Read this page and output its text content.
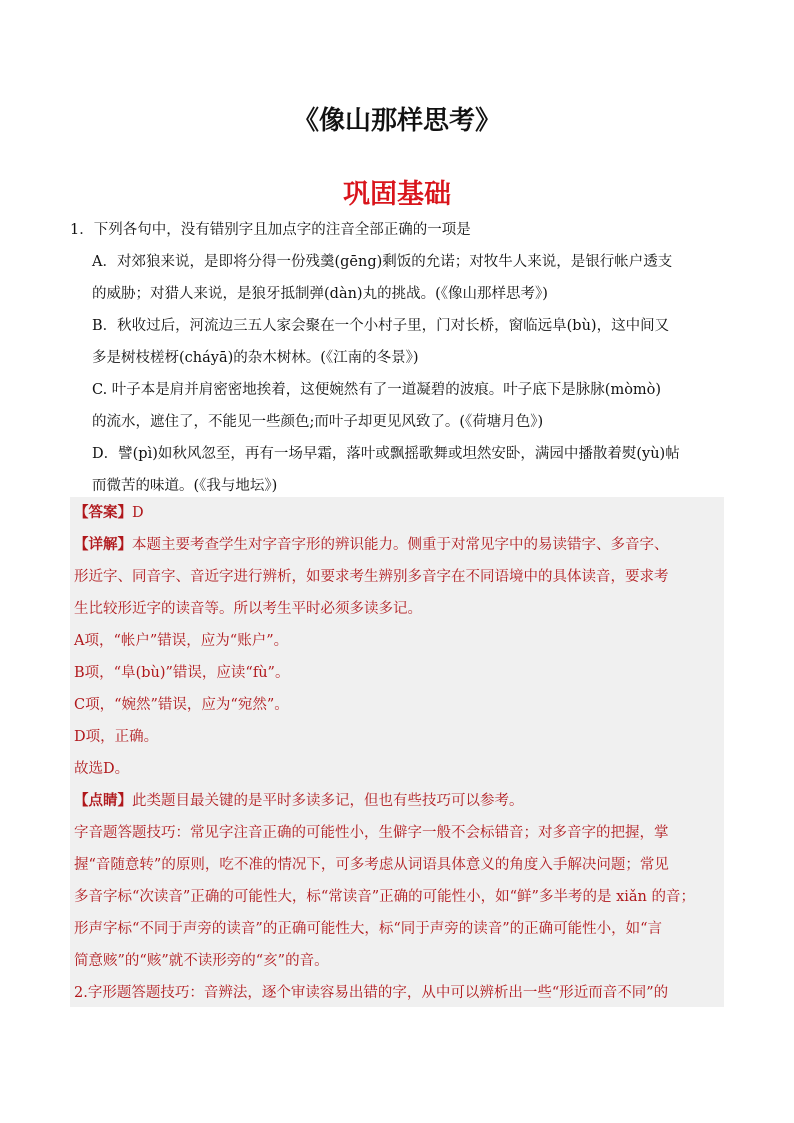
《像山那样思考》
巩固基础

1．下列各句中，没有错别字且加点字的注音全部正确的一项是

A．对郊狼来说，是即将分得一份残羹(gēng)剩饭的允诺；对牧牛人来说，是银行帐户透支

的威胁；对猎人来说，是狼牙抵制弹(dàn)丸的挑战。(《像山那样思考》)

B．秋收过后，河流边三五人家会聚在一个小村子里，门对长桥，窗临远阜(bù)，这中间又

多是树枝槎枒(cháyā)的杂木树林。(《江南的冬景》)

C. 叶子本是肩并肩密密地挨着，这便婉然有了一道凝碧的波痕。叶子底下是脉脉(mòmò)

的流水，遮住了，不能见一些颜色;而叶子却更见风致了。(《荷塘月色》)

D．譬(pì)如秋风忽至，再有一场早霜，落叶或飘摇歌舞或坦然安卧，满园中播散着熨(yù)帖

而微苦的味道。(《我与地坛》)

【答案】D

【详解】本题主要考查学生对字音字形的辨识能力。侧重于对常见字中的易读错字、多音字、

形近字、同音字、音近字进行辨析，如要求考生辨别多音字在不同语境中的具体读音，要求考

生比较形近字的读音等。所以考生平时必须多读多记。

A项，“帐户”错误，应为“账户”。

B项，“阜(bù)”错误，应读“fù”。

C项，“婉然”错误，应为“宛然”。

D项，正确。

故选D。

【点睛】此类题目最关键的是平时多读多记，但也有些技巧可以参考。

字音题答题技巧：常见字注音正确的可能性小，生僻字一般不会标错音；对多音字的把握，掌

握“音随意转”的原则，吃不准的情况下，可多考虑从词语具体意义的角度入手解决问题；常见

多音字标“次读音”正确的可能性大，标“常读音”正确的可能性小，如“鲜”多半考的是 xiǎn 的音；

形声字标“不同于声旁的读音”的正确可能性大，标“同于声旁的读音”的正确可能性小，如“言

简意赅”的“赅”就不读形旁的“亥”的音。

2.字形题答题技巧：音辨法，逐个审读容易出错的字，从中可以辨析出一些“形近而音不同”的
